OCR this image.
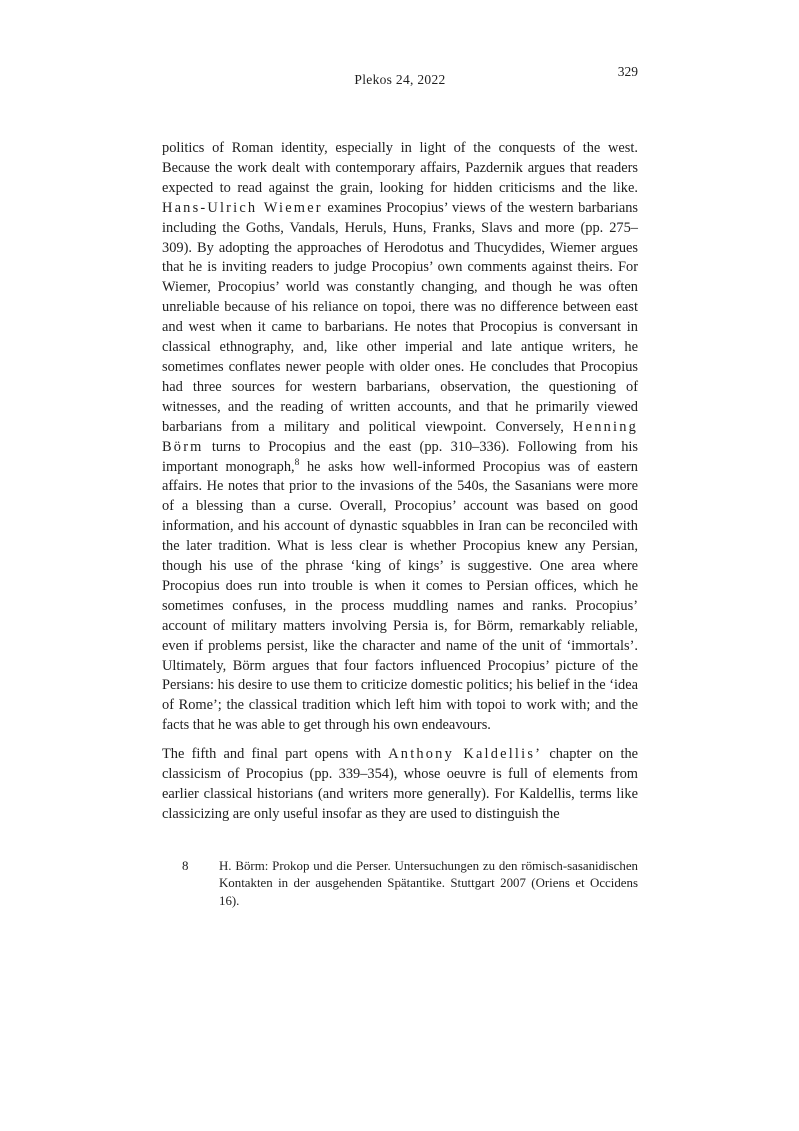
Plekos 24, 2022
329

politics of Roman identity, especially in light of the conquests of the west. Because the work dealt with contemporary affairs, Pazdernik argues that readers expected to read against the grain, looking for hidden criticisms and the like. Hans-Ulrich Wiemer examines Procopius’ views of the western barbarians including the Goths, Vandals, Heruls, Huns, Franks, Slavs and more (pp. 275–309). By adopting the approaches of Herodotus and Thucydides, Wiemer argues that he is inviting readers to judge Procopius’ own comments against theirs. For Wiemer, Procopius’ world was constantly changing, and though he was often unreliable because of his reliance on topoi, there was no difference between east and west when it came to barbarians. He notes that Procopius is conversant in classical ethnography, and, like other imperial and late antique writers, he sometimes conflates newer people with older ones. He concludes that Procopius had three sources for western barbarians, observation, the questioning of witnesses, and the reading of written accounts, and that he primarily viewed barbarians from a military and political viewpoint. Conversely, Henning Börm turns to Procopius and the east (pp. 310–336). Following from his important monograph,$^8$ he asks how well-informed Procopius was of eastern affairs. He notes that prior to the invasions of the 540s, the Sasanians were more of a blessing than a curse. Overall, Procopius’ account was based on good information, and his account of dynastic squabbles in Iran can be reconciled with the later tradition. What is less clear is whether Procopius knew any Persian, though his use of the phrase ‘king of kings’ is suggestive. One area where Procopius does run into trouble is when it comes to Persian offices, which he sometimes confuses, in the process muddling names and ranks. Procopius’ account of military matters involving Persia is, for Börm, remarkably reliable, even if problems persist, like the character and name of the unit of ‘immortals’. Ultimately, Börm argues that four factors influenced Procopius’ picture of the Persians: his desire to use them to criticize domestic politics; his belief in the ‘idea of Rome’; the classical tradition which left him with topoi to work with; and the facts that he was able to get through his own endeavours.

The fifth and final part opens with Anthony Kaldellis’ chapter on the classicism of Procopius (pp. 339–354), whose oeuvre is full of elements from earlier classical historians (and writers more generally). For Kaldellis, terms like classicizing are only useful insofar as they are used to distinguish the

8	H. Börm: Prokop und die Perser. Untersuchungen zu den römisch-sasanidischen Kontakten in der ausgehenden Spätantike. Stuttgart 2007 (Oriens et Occidens 16).
